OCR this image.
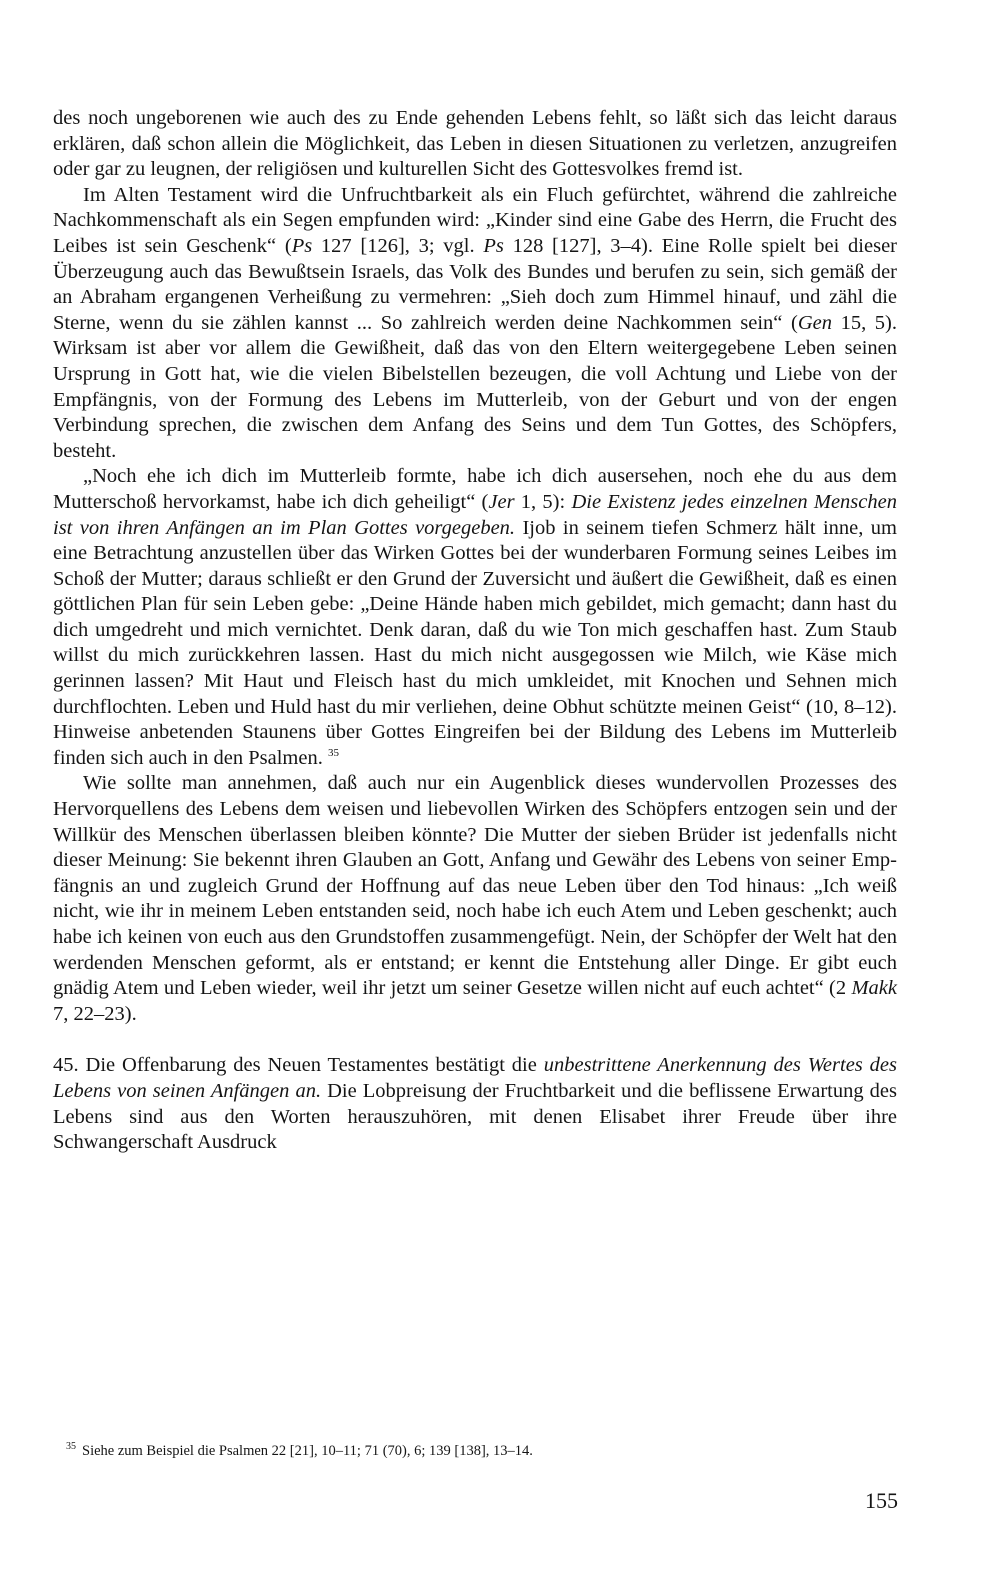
des noch ungeborenen wie auch des zu Ende gehenden Lebens fehlt, so läßt sich das leicht daraus erklären, daß schon allein die Möglichkeit, das Leben in diesen Situationen zu verletzen, anzugreifen oder gar zu leugnen, der religiösen und kulturellen Sicht des Gottesvolkes fremd ist.

Im Alten Testament wird die Unfruchtbarkeit als ein Fluch gefürchtet, während die zahlreiche Nachkommenschaft als ein Segen empfunden wird: „Kinder sind eine Gabe des Herrn, die Frucht des Leibes ist sein Geschenk“ (Ps 127 [126], 3; vgl. Ps 128 [127], 3–4). Eine Rolle spielt bei dieser Überzeugung auch das Bewußtsein Israels, das Volk des Bundes und berufen zu sein, sich gemäß der an Abraham ergangenen Verheißung zu vermehren: „Sieh doch zum Himmel hinauf, und zähl die Sterne, wenn du sie zählen kannst ... So zahlreich werden deine Nachkommen sein“ (Gen 15, 5). Wirksam ist aber vor allem die Gewißheit, daß das von den Eltern weitergegebene Leben seinen Ursprung in Gott hat, wie die vielen Bibelstellen bezeugen, die voll Achtung und Liebe von der Empfängnis, von der Formung des Lebens im Mutterleib, von der Geburt und von der engen Verbindung sprechen, die zwischen dem Anfang des Seins und dem Tun Gottes, des Schöpfers, besteht.

„Noch ehe ich dich im Mutterleib formte, habe ich dich ausersehen, noch ehe du aus dem Mutterschoß hervorkamst, habe ich dich geheiligt“ (Jer 1, 5): Die Existenz jedes einzelnen Menschen ist von ihren Anfängen an im Plan Gottes vorgegeben. Ijob in seinem tiefen Schmerz hält inne, um eine Betrachtung anzustellen über das Wirken Gottes bei der wunderbaren Formung seines Leibes im Schoß der Mutter; daraus schließt er den Grund der Zuversicht und äußert die Gewißheit, daß es einen göttlichen Plan für sein Leben gebe: „Deine Hände haben mich gebildet, mich gemacht; dann hast du dich umgedreht und mich vernichtet. Denk daran, daß du wie Ton mich geschaffen hast. Zum Staub willst du mich zurückkehren lassen. Hast du mich nicht ausgegossen wie Milch, wie Käse mich gerinnen lassen? Mit Haut und Fleisch hast du mich umkleidet, mit Knochen und Sehnen mich durchflochten. Leben und Huld hast du mir verliehen, deine Obhut schützte meinen Geist“ (10, 8–12). Hinweise anbetenden Staunens über Gottes Eingreifen bei der Bildung des Lebens im Mutterleib finden sich auch in den Psalmen. $^{35}$

Wie sollte man annehmen, daß auch nur ein Augenblick dieses wundervollen Prozesses des Hervorquellens des Lebens dem weisen und liebevollen Wirken des Schöpfers entzogen sein und der Willkür des Menschen überlassen bleiben könnte? Die Mutter der sieben Brüder ist jedenfalls nicht dieser Meinung: Sie bekennt ihren Glauben an Gott, Anfang und Gewähr des Lebens von seiner Empfängnis an und zugleich Grund der Hoffnung auf das neue Leben über den Tod hinaus: „Ich weiß nicht, wie ihr in meinem Leben entstanden seid, noch habe ich euch Atem und Leben geschenkt; auch habe ich keinen von euch aus den Grundstoffen zusammengefügt. Nein, der Schöpfer der Welt hat den werdenden Menschen geformt, als er entstand; er kennt die Entstehung aller Dinge. Er gibt euch gnädig Atem und Leben wieder, weil ihr jetzt um seiner Gesetze willen nicht auf euch achtet“ (2 Makk 7, 22–23).

45. Die Offenbarung des Neuen Testamentes bestätigt die unbestrittene Anerkennung des Wertes des Lebens von seinen Anfängen an. Die Lobpreisung der Fruchtbarkeit und die beflissene Erwartung des Lebens sind aus den Worten herauszuhören, mit denen Elisabet ihrer Freude über ihre Schwangerschaft Ausdruck

$^{35}$ Siehe zum Beispiel die Psalmen 22 [21], 10–11; 71 (70), 6; 139 [138], 13–14.
155
